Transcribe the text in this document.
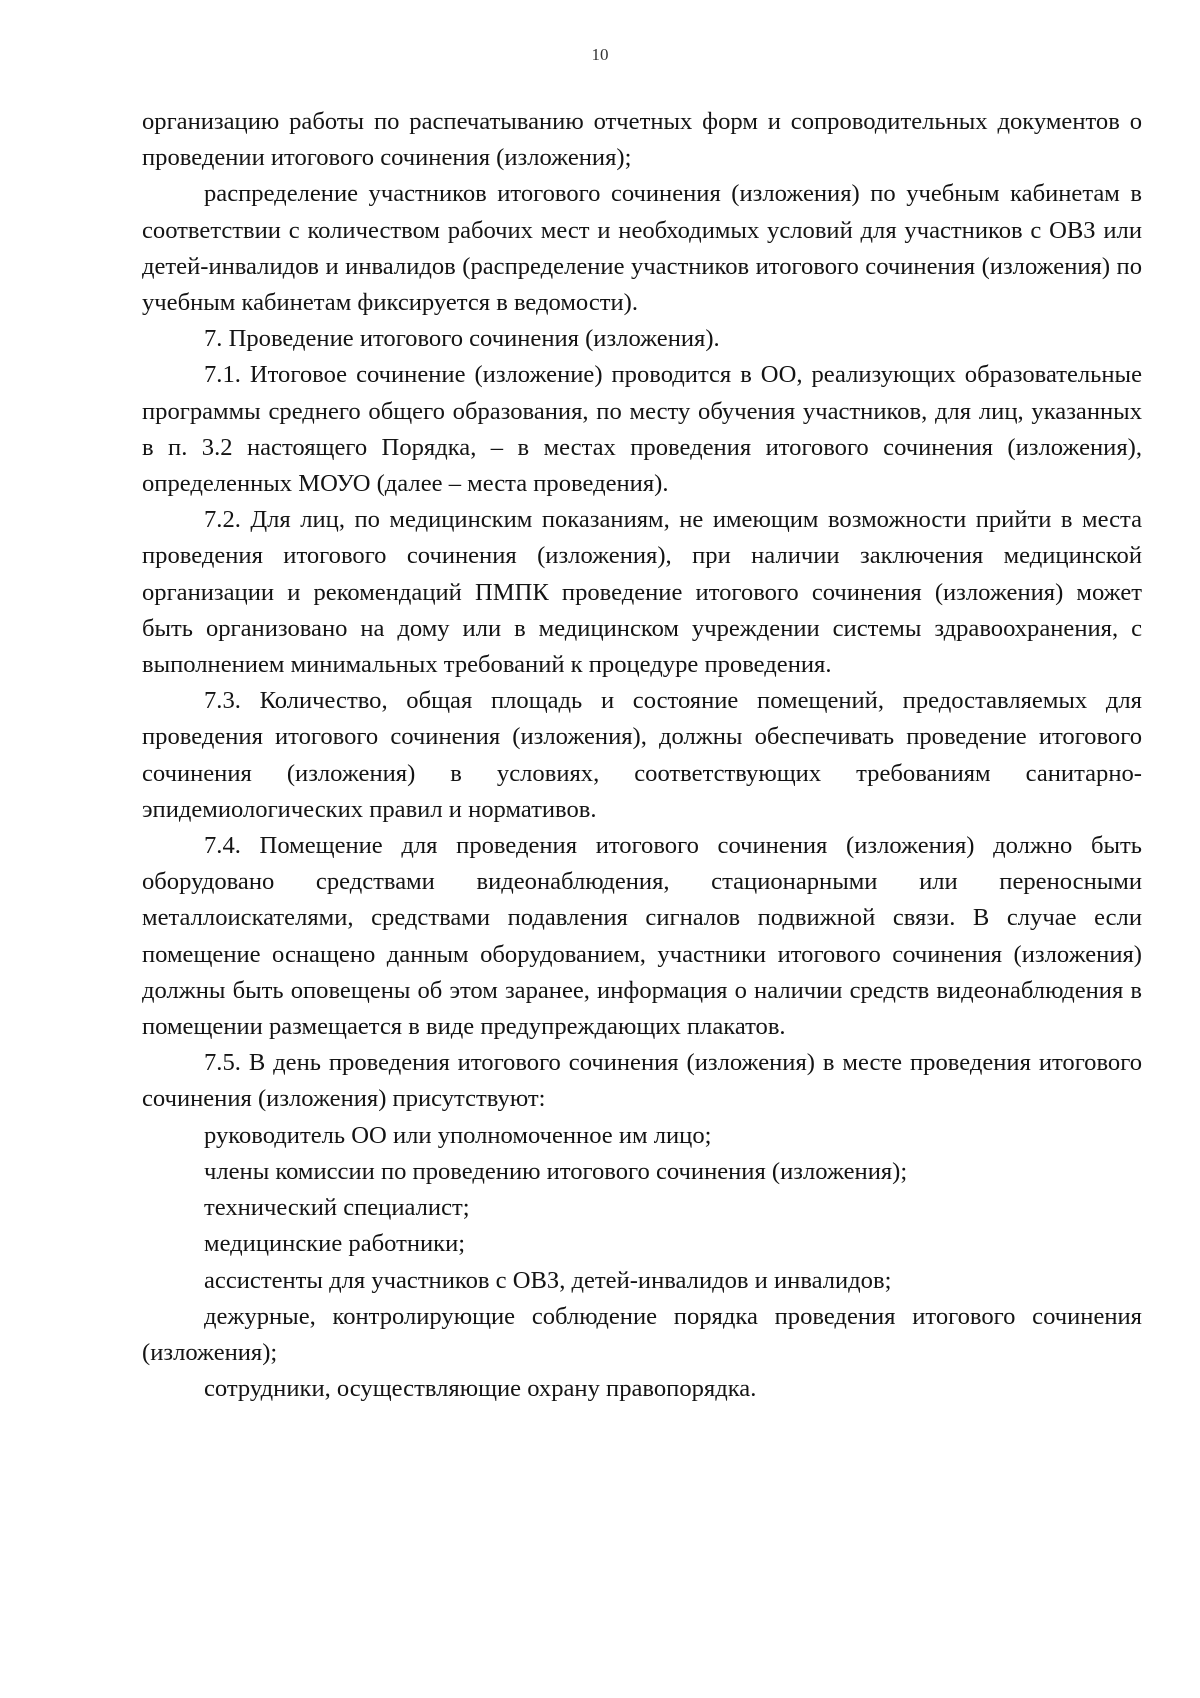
10

организацию работы по распечатыванию отчетных форм и сопроводительных документов о проведении итогового сочинения (изложения);

распределение участников итогового сочинения (изложения) по учебным кабинетам в соответствии с количеством рабочих мест и необходимых условий для участников с ОВЗ или детей-инвалидов и инвалидов (распределение участников итогового сочинения (изложения) по учебным кабинетам фиксируется в ведомости).

7. Проведение итогового сочинения (изложения).

7.1. Итоговое сочинение (изложение) проводится в ОО, реализующих образовательные программы среднего общего образования, по месту обучения участников, для лиц, указанных в п. 3.2 настоящего Порядка, – в местах проведения итогового сочинения (изложения), определенных МОУО (далее – места проведения).

7.2. Для лиц, по медицинским показаниям, не имеющим возможности прийти в места проведения итогового сочинения (изложения), при наличии заключения медицинской организации и рекомендаций ПМПК проведение итогового сочинения (изложения) может быть организовано на дому или в медицинском учреждении системы здравоохранения, с выполнением минимальных требований к процедуре проведения.

7.3. Количество, общая площадь и состояние помещений, предоставляемых для проведения итогового сочинения (изложения), должны обеспечивать проведение итогового сочинения (изложения) в условиях, соответствующих требованиям санитарно-эпидемиологических правил и нормативов.

7.4. Помещение для проведения итогового сочинения (изложения) должно быть оборудовано средствами видеонаблюдения, стационарными или переносными металлоискателями, средствами подавления сигналов подвижной связи. В случае если помещение оснащено данным оборудованием, участники итогового сочинения (изложения) должны быть оповещены об этом заранее, информация о наличии средств видеонаблюдения в помещении размещается в виде предупреждающих плакатов.

7.5. В день проведения итогового сочинения (изложения) в месте проведения итогового сочинения (изложения) присутствуют:

руководитель ОО или уполномоченное им лицо;

члены комиссии по проведению итогового сочинения (изложения);

технический специалист;

медицинские работники;

ассистенты для участников с ОВЗ, детей-инвалидов и инвалидов;

дежурные, контролирующие соблюдение порядка проведения итогового сочинения (изложения);

сотрудники, осуществляющие охрану правопорядка.
